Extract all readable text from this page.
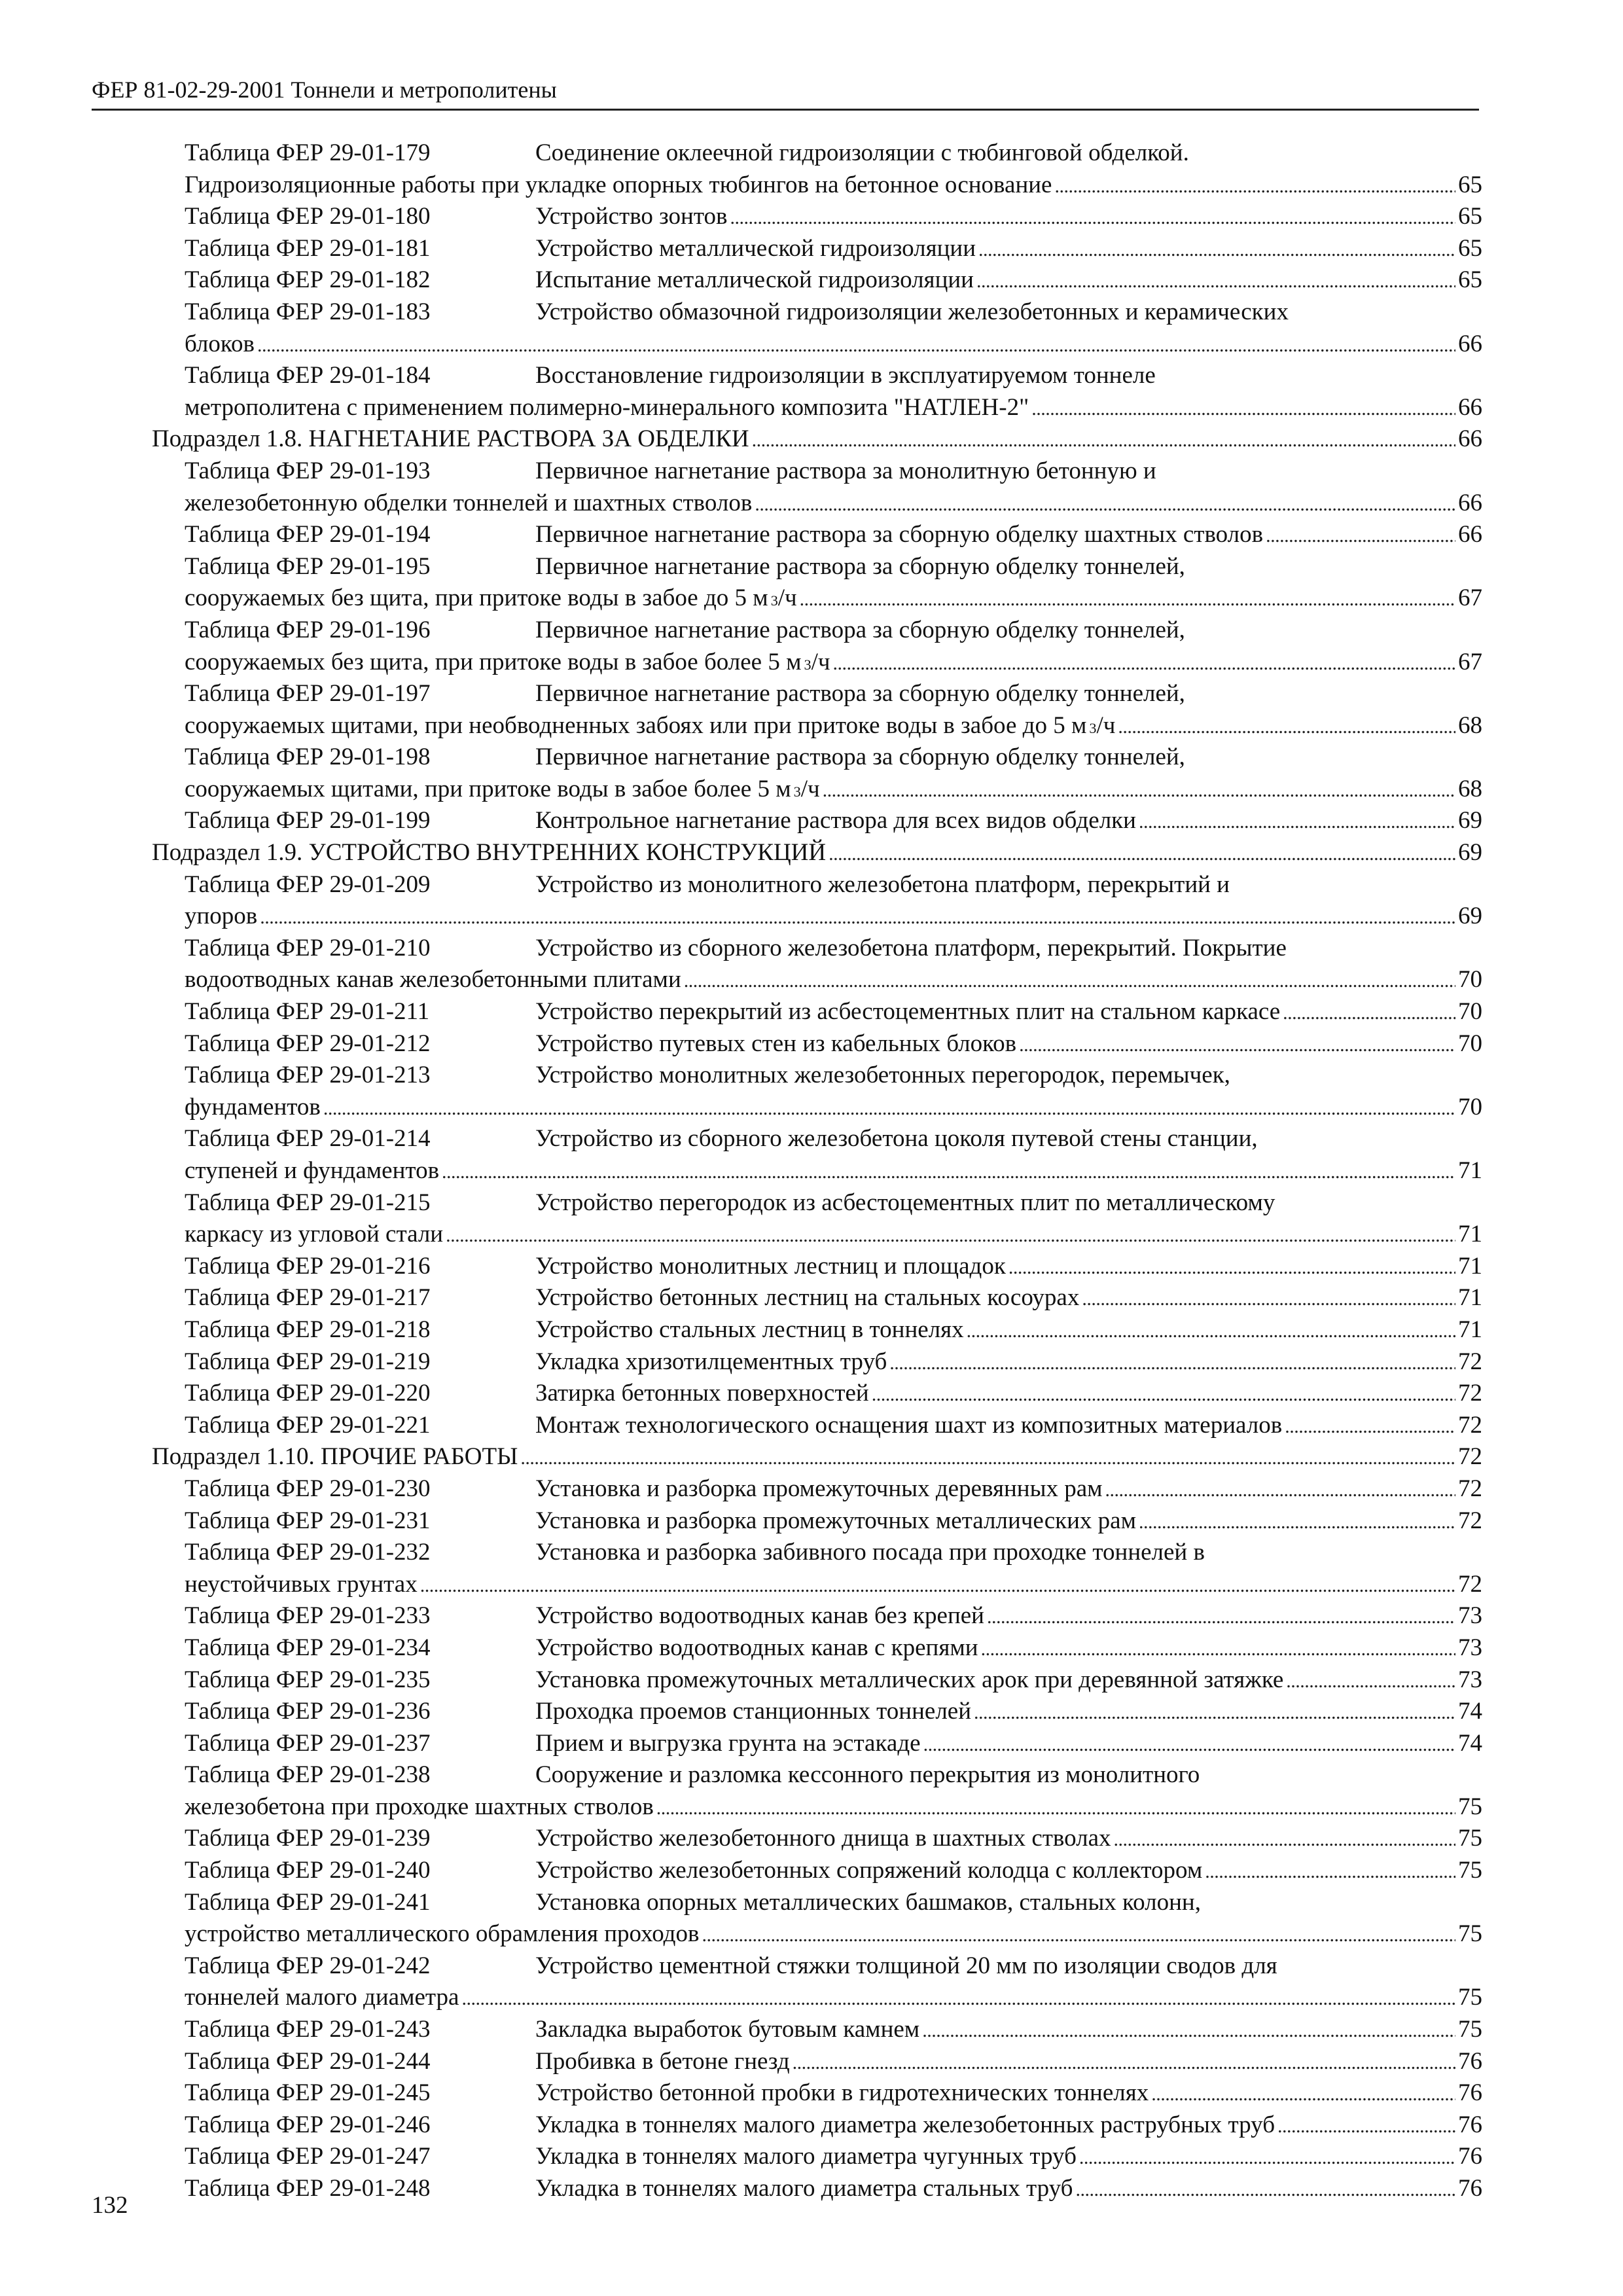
ФЕР 81-02-29-2001 Тоннели и метрополитены
Таблица ФЕР 29-01-179	Соединение оклеечной гидроизоляции с тюбинговой обделкой.
Гидроизоляционные работы при укладке опорных тюбингов на бетонное основание . . .	65
Таблица ФЕР 29-01-180	Устройство зонтов . . .	65
Таблица ФЕР 29-01-181	Устройство металлической гидроизоляции . . .	65
Таблица ФЕР 29-01-182	Испытание металлической гидроизоляции . . .	65
Таблица ФЕР 29-01-183	Устройство обмазочной гидроизоляции железобетонных и керамических
блоков . . .	66
Таблица ФЕР 29-01-184	Восстановление гидроизоляции в эксплуатируемом тоннеле
метрополитена с применением полимерно-минерального композита "НАТЛЕН-2" . . .	66
Подраздел 1.8. НАГНЕТАНИЕ РАСТВОРА ЗА ОБДЕЛКИ . . .	66
Таблица ФЕР 29-01-193	Первичное нагнетание раствора за монолитную бетонную и
железобетонную обделки тоннелей и шахтных стволов . . .	66
Таблица ФЕР 29-01-194	Первичное нагнетание раствора за сборную обделку шахтных стволов . . .	66
Таблица ФЕР 29-01-195	Первичное нагнетание раствора за сборную обделку тоннелей,
сооружаемых без щита, при притоке воды в забое до 5 м 3 /ч . . .	67
Таблица ФЕР 29-01-196	Первичное нагнетание раствора за сборную обделку тоннелей,
сооружаемых без щита, при притоке воды в забое более 5 м 3 /ч . . .	67
Таблица ФЕР 29-01-197	Первичное нагнетание раствора за сборную обделку тоннелей,
сооружаемых щитами, при необводненных забоях или при притоке воды в забое до 5 м 3 /ч . . .	68
Таблица ФЕР 29-01-198	Первичное нагнетание раствора за сборную обделку тоннелей,
сооружаемых щитами, при притоке воды в забое более 5 м 3 /ч . . .	68
Таблица ФЕР 29-01-199	Контрольное нагнетание раствора для всех видов обделки . . .	69
Подраздел 1.9. УСТРОЙСТВО ВНУТРЕННИХ КОНСТРУКЦИЙ . . .	69
Таблица ФЕР 29-01-209	Устройство из монолитного железобетона платформ, перекрытий и
упоров . . .	69
Таблица ФЕР 29-01-210	Устройство из сборного железобетона платформ, перекрытий. Покрытие
водоотводных канав железобетонными плитами . . .	70
Таблица ФЕР 29-01-211	Устройство перекрытий из асбестоцементных плит на стальном каркасе . . .	70
Таблица ФЕР 29-01-212	Устройство путевых стен из кабельных блоков . . .	70
Таблица ФЕР 29-01-213	Устройство монолитных железобетонных перегородок, перемычек,
фундаментов . . .	70
Таблица ФЕР 29-01-214	Устройство из сборного железобетона цоколя путевой стены станции,
ступеней и фундаментов . . .	71
Таблица ФЕР 29-01-215	Устройство перегородок из асбестоцементных плит по металлическому
каркасу из угловой стали . . .	71
Таблица ФЕР 29-01-216	Устройство монолитных лестниц и площадок . . .	71
Таблица ФЕР 29-01-217	Устройство бетонных лестниц на стальных косоурах . . .	71
Таблица ФЕР 29-01-218	Устройство стальных лестниц в тоннелях . . .	71
Таблица ФЕР 29-01-219	Укладка хризотилцементных труб . . .	72
Таблица ФЕР 29-01-220	Затирка бетонных поверхностей . . .	72
Таблица ФЕР 29-01-221	Монтаж технологического оснащения шахт из композитных материалов . . .	72
Подраздел 1.10. ПРОЧИЕ РАБОТЫ . . .	72
Таблица ФЕР 29-01-230	Установка и разборка промежуточных деревянных рам . . .	72
Таблица ФЕР 29-01-231	Установка и разборка промежуточных металлических рам . . .	72
Таблица ФЕР 29-01-232	Установка и разборка забивного посада при проходке тоннелей в
неустойчивых грунтах . . .	72
Таблица ФЕР 29-01-233	Устройство водоотводных канав без крепей . . .	73
Таблица ФЕР 29-01-234	Устройство водоотводных канав с крепями . . .	73
Таблица ФЕР 29-01-235	Установка промежуточных металлических арок при деревянной затяжке . . .	73
Таблица ФЕР 29-01-236	Проходка проемов станционных тоннелей . . .	74
Таблица ФЕР 29-01-237	Прием и выгрузка грунта на эстакаде . . .	74
Таблица ФЕР 29-01-238	Сооружение и разломка кессонного перекрытия из монолитного
железобетона при проходке шахтных стволов . . .	75
Таблица ФЕР 29-01-239	Устройство железобетонного днища в шахтных стволах . . .	75
Таблица ФЕР 29-01-240	Устройство железобетонных сопряжений колодца с коллектором . . .	75
Таблица ФЕР 29-01-241	Установка опорных металлических башмаков, стальных колонн,
устройство металлического обрамления проходов . . .	75
Таблица ФЕР 29-01-242	Устройство цементной стяжки толщиной 20 мм по изоляции сводов для
тоннелей малого диаметра . . .	75
Таблица ФЕР 29-01-243	Закладка выработок бутовым камнем . . .	75
Таблица ФЕР 29-01-244	Пробивка в бетоне гнезд . . .	76
Таблица ФЕР 29-01-245	Устройство бетонной пробки в гидротехнических тоннелях . . .	76
Таблица ФЕР 29-01-246	Укладка в тоннелях малого диаметра железобетонных раструбных труб . . .	76
Таблица ФЕР 29-01-247	Укладка в тоннелях малого диаметра чугунных труб . . .	76
Таблица ФЕР 29-01-248	Укладка в тоннелях малого диаметра стальных труб . . .	76
132
